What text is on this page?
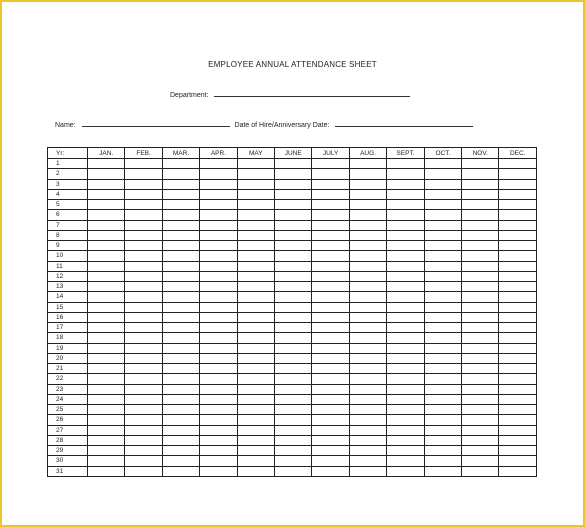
EMPLOYEE ANNUAL ATTENDANCE SHEET
Department:
Name:	Date of Hire/Anniversary Date:
Yr:	JAN.	FEB.	MAR.	APR.	MAY	JUNE	JULY	AUG.	SEPT.	OCT.	NOV.	DEC.
1												
2												
3												
4												
5												
6												
7												
8												
9												
10												
11												
12												
13												
14												
15												
16												
17												
18												
19												
20												
21												
22												
23												
24												
25												
26												
27												
28												
29												
30												
31												
